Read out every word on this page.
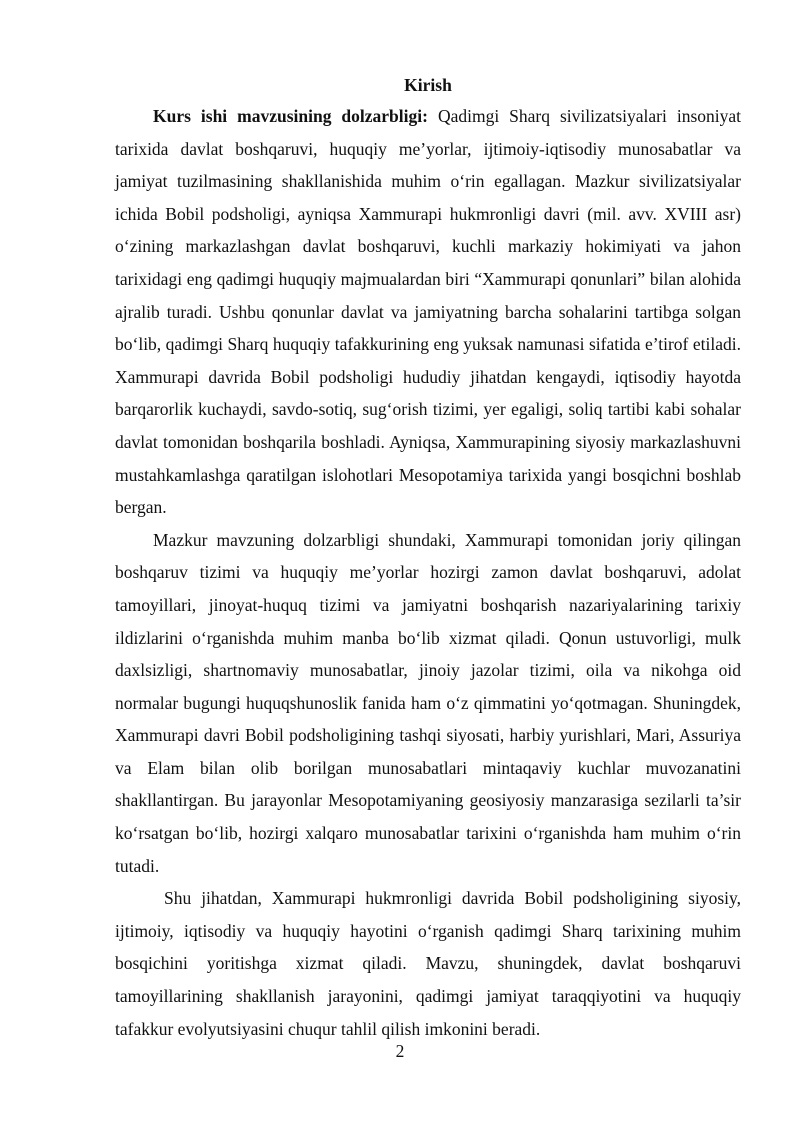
Kirish

Kurs ishi mavzusining dolzarbligi: Qadimgi Sharq sivilizatsiyalari insoniyat tarixida davlat boshqaruvi, huquqiy me’yorlar, ijtimoiy-iqtisodiy munosabatlar va jamiyat tuzilmasining shakllanishida muhim o‘rin egallagan. Mazkur sivilizatsiyalar ichida Bobil podsholigi, ayniqsa Xammurapi hukmronligi davri (mil. avv. XVIII asr) o‘zining markazlashgan davlat boshqaruvi, kuchli markaziy hokimiyati va jahon tarixidagi eng qadimgi huquqiy majmualardan biri “Xammurapi qonunlari” bilan alohida ajralib turadi. Ushbu qonunlar davlat va jamiyatning barcha sohalarini tartibga solgan bo‘lib, qadimgi Sharq huquqiy tafakkurining eng yuksak namunasi sifatida e’tirof etiladi. Xammurapi davrida Bobil podsholigi hududiy jihatdan kengaydi, iqtisodiy hayotda barqarorlik kuchaydi, savdo-sotiq, sug‘orish tizimi, yer egaligi, soliq tartibi kabi sohalar davlat tomonidan boshqarila boshladi. Ayniqsa, Xammurapining siyosiy markazlashuvni mustahkamlashga qaratilgan islohotlari Mesopotamiya tarixida yangi bosqichni boshlab bergan.

Mazkur mavzuning dolzarbligi shundaki, Xammurapi tomonidan joriy qilingan boshqaruv tizimi va huquqiy me’yorlar hozirgi zamon davlat boshqaruvi, adolat tamoyillari, jinoyat-huquq tizimi va jamiyatni boshqarish nazariyalarining tarixiy ildizlarini o‘rganishda muhim manba bo‘lib xizmat qiladi. Qonun ustuvorligi, mulk daxlsizligi, shartnomaviy munosabatlar, jinoiy jazolar tizimi, oila va nikohga oid normalar bugungi huquqshunoslik fanida ham o‘z qimmatini yo‘qotmagan. Shuningdek, Xammurapi davri Bobil podsholigining tashqi siyosati, harbiy yurishlari, Mari, Assuriya va Elam bilan olib borilgan munosabatlari mintaqaviy kuchlar muvozanatini shakllantirgan. Bu jarayonlar Mesopotamiyaning geosiyosiy manzarasiga sezilarli ta’sir ko‘rsatgan bo‘lib, hozirgi xalqaro munosabatlar tarixini o‘rganishda ham muhim o‘rin tutadi.

Shu jihatdan, Xammurapi hukmronligi davrida Bobil podsholigining siyosiy, ijtimoiy, iqtisodiy va huquqiy hayotini o‘rganish qadimgi Sharq tarixining muhim bosqichini yoritishga xizmat qiladi. Mavzu, shuningdek, davlat boshqaruvi tamoyillarining shakllanish jarayonini, qadimgi jamiyat taraqqiyotini va huquqiy tafakkur evolyutsiyasini chuqur tahlil qilish imkonini beradi.

2
